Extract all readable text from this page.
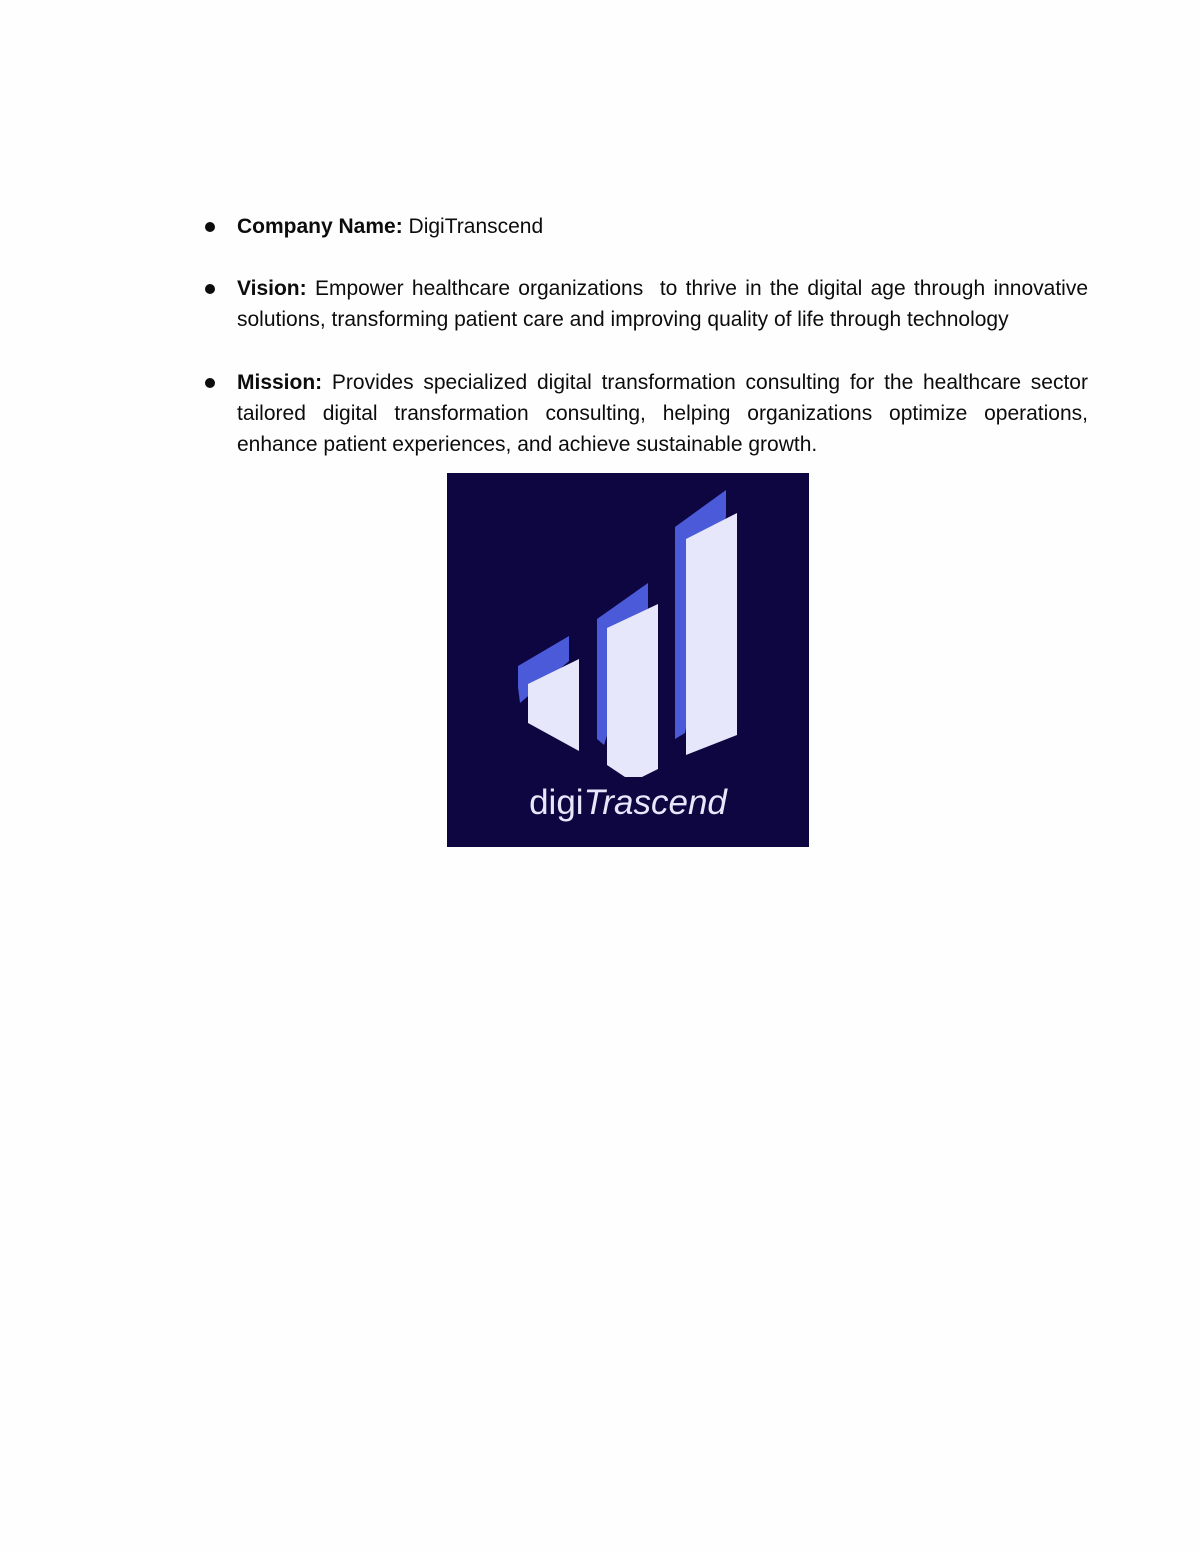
Company Name: DigiTranscend
Vision: Empower healthcare organizations  to thrive in the digital age through innovative solutions, transforming patient care and improving quality of life through technology
Mission: Provides specialized digital transformation consulting for the healthcare sector tailored digital transformation consulting, helping organizations optimize operations, enhance patient experiences, and achieve sustainable growth.
digiTrascend
